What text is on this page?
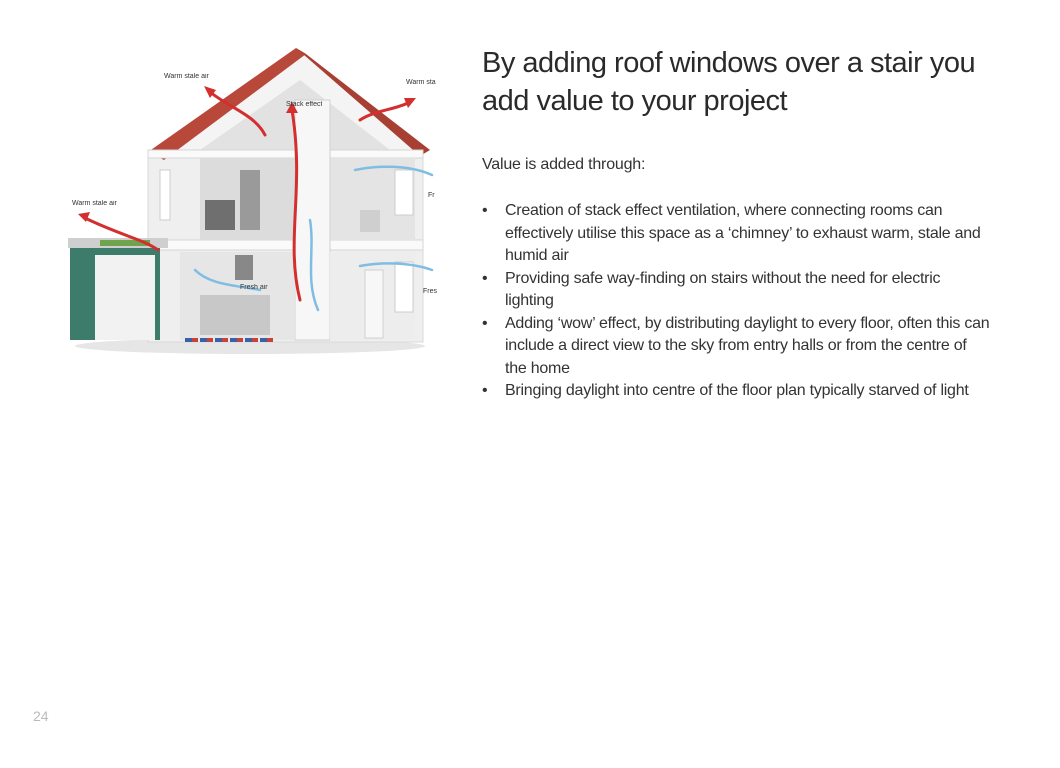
Warm stale air
Warm sta
Stack effect
Warm stale air
Fr
Fresh air
Fres
By adding roof windows over a stair you add value to your project
Value is added through:
• Creation of stack effect ventilation, where connecting rooms can effectively utilise this space as a ‘chimney’ to exhaust warm, stale and humid air
• Providing safe way-finding on stairs without the need for electric lighting
• Adding ‘wow’ effect, by distributing daylight to every floor, often this can include a direct view to the sky from entry halls or from the centre of the home
• Bringing daylight into centre of the floor plan typically starved of light
24
